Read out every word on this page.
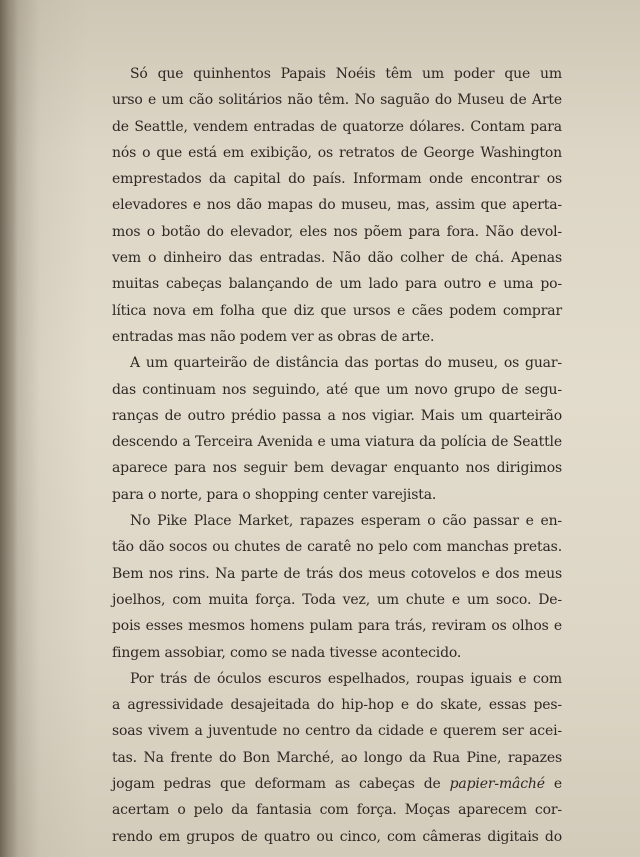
Só que quinhentos Papais Noéis têm um poder que um
urso e um cão solitários não têm. No saguão do Museu de Arte
de Seattle, vendem entradas de quatorze dólares. Contam para
nós o que está em exibição, os retratos de George Washington
emprestados da capital do país. Informam onde encontrar os
elevadores e nos dão mapas do museu, mas, assim que aperta-
mos o botão do elevador, eles nos põem para fora. Não devol-
vem o dinheiro das entradas. Não dão colher de chá. Apenas
muitas cabeças balançando de um lado para outro e uma po-
lítica nova em folha que diz que ursos e cães podem comprar
entradas mas não podem ver as obras de arte.
A um quarteirão de distância das portas do museu, os guar-
das continuam nos seguindo, até que um novo grupo de segu-
ranças de outro prédio passa a nos vigiar. Mais um quarteirão
descendo a Terceira Avenida e uma viatura da polícia de Seattle
aparece para nos seguir bem devagar enquanto nos dirigimos
para o norte, para o shopping center varejista.
No Pike Place Market, rapazes esperam o cão passar e en-
tão dão socos ou chutes de caratê no pelo com manchas pretas.
Bem nos rins. Na parte de trás dos meus cotovelos e dos meus
joelhos, com muita força. Toda vez, um chute e um soco. De-
pois esses mesmos homens pulam para trás, reviram os olhos e
fingem assobiar, como se nada tivesse acontecido.
Por trás de óculos escuros espelhados, roupas iguais e com
a agressividade desajeitada do hip-hop e do skate, essas pes-
soas vivem a juventude no centro da cidade e querem ser acei-
tas. Na frente do Bon Marché, ao longo da Rua Pine, rapazes
jogam pedras que deformam as cabeças de papier-mâché e
acertam o pelo da fantasia com força. Moças aparecem cor-
rendo em grupos de quatro ou cinco, com câmeras digitais do
